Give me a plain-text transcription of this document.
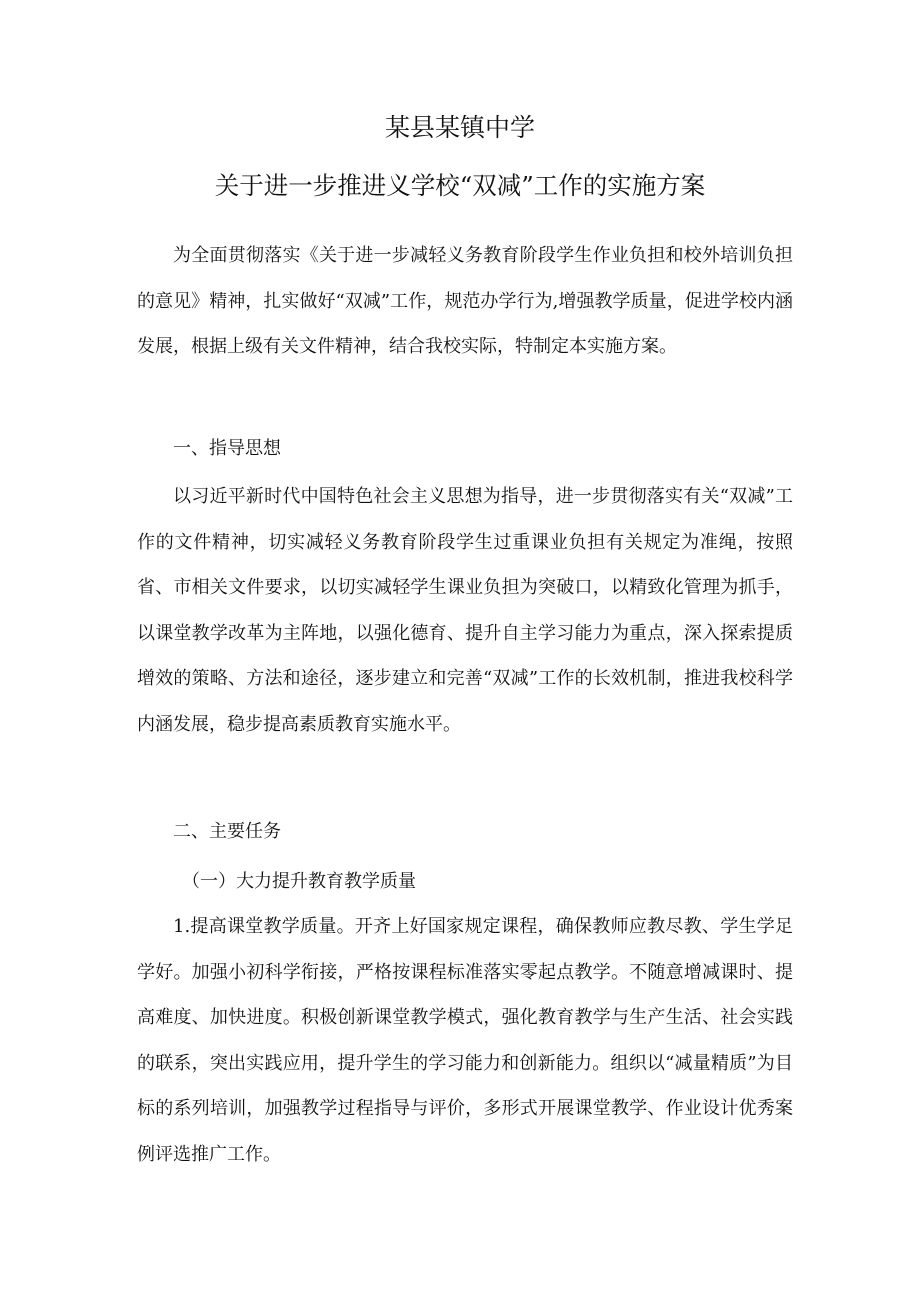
某县某镇中学
关于进一步推进义学校“双减”工作的实施方案

为全面贯彻落实《关于进一步减轻义务教育阶段学生作业负担和校外培训负担的意见》精神，扎实做好“双减”工作，规范办学行为,增强教学质量，促进学校内涵发展，根据上级有关文件精神，结合我校实际，特制定本实施方案。

一、指导思想

以习近平新时代中国特色社会主义思想为指导，进一步贯彻落实有关“双减”工作的文件精神，切实减轻义务教育阶段学生过重课业负担有关规定为准绳，按照省、市相关文件要求，以切实减轻学生课业负担为突破口，以精致化管理为抓手，以课堂教学改革为主阵地，以强化德育、提升自主学习能力为重点，深入探索提质增效的策略、方法和途径，逐步建立和完善“双减”工作的长效机制，推进我校科学内涵发展，稳步提高素质教育实施水平。

二、主要任务

（一）大力提升教育教学质量

1.提高课堂教学质量。开齐上好国家规定课程，确保教师应教尽教、学生学足学好。加强小初科学衔接，严格按课程标准落实零起点教学。不随意增减课时、提高难度、加快进度。积极创新课堂教学模式，强化教育教学与生产生活、社会实践的联系，突出实践应用，提升学生的学习能力和创新能力。组织以“减量精质”为目标的系列培训，加强教学过程指导与评价，多形式开展课堂教学、作业设计优秀案例评选推广工作。
